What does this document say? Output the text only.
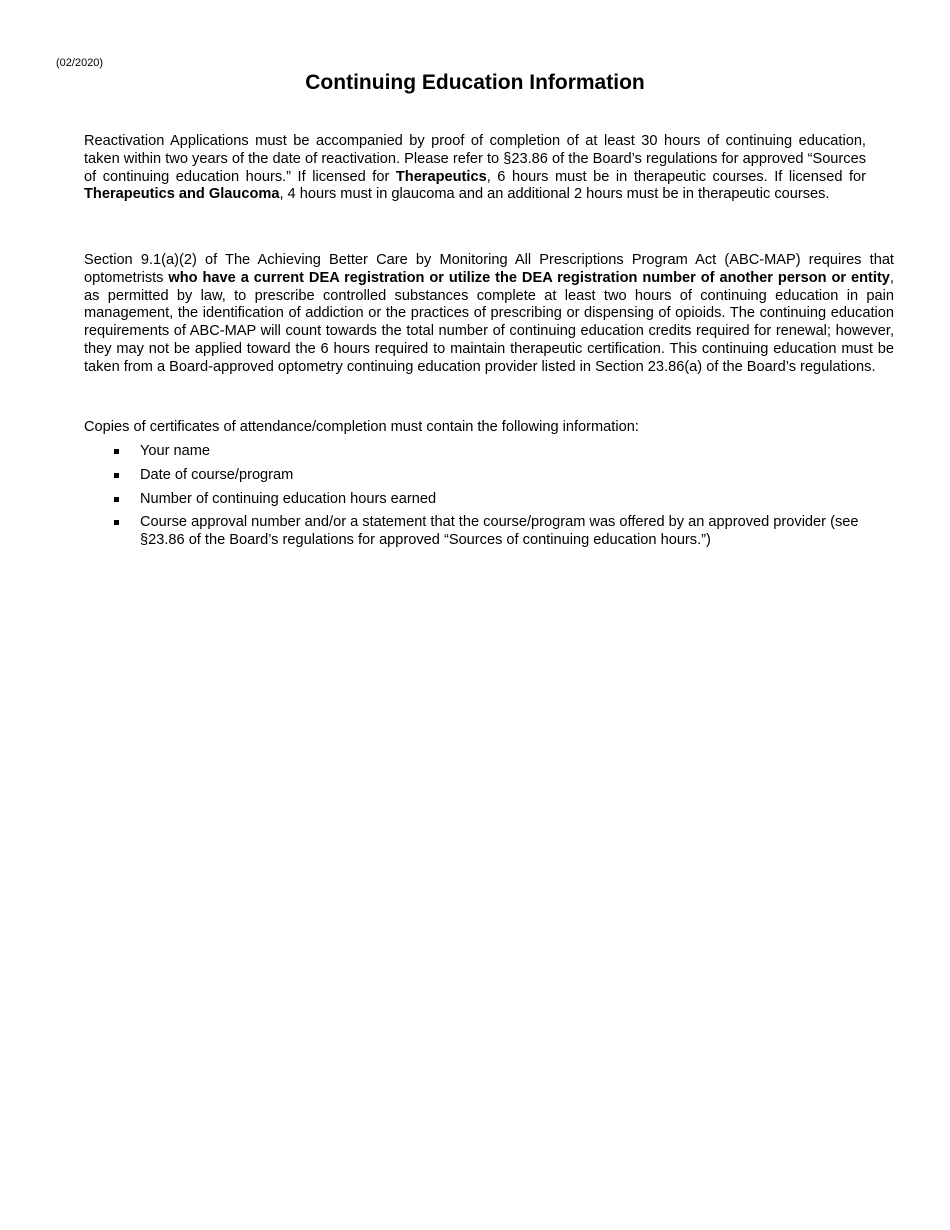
(02/2020)
Continuing Education Information

Reactivation Applications must be accompanied by proof of completion of at least 30 hours of continuing education, taken within two years of the date of reactivation. Please refer to §23.86 of the Board’s regulations for approved “Sources of continuing education hours.” If licensed for Therapeutics, 6 hours must be in therapeutic courses. If licensed for Therapeutics and Glaucoma, 4 hours must in glaucoma and an additional 2 hours must be in therapeutic courses.

Section 9.1(a)(2) of The Achieving Better Care by Monitoring All Prescriptions Program Act (ABC-MAP) requires that optometrists who have a current DEA registration or utilize the DEA registration number of another person or entity, as permitted by law, to prescribe controlled substances complete at least two hours of continuing education in pain management, the identification of addiction or the practices of prescribing or dispensing of opioids. The continuing education requirements of ABC-MAP will count towards the total number of continuing education credits required for renewal; however, they may not be applied toward the 6 hours required to maintain therapeutic certification. This continuing education must be taken from a Board-approved optometry continuing education provider listed in Section 23.86(a) of the Board’s regulations.

Copies of certificates of attendance/completion must contain the following information:

Your name
Date of course/program
Number of continuing education hours earned
Course approval number and/or a statement that the course/program was offered by an approved provider (see §23.86 of the Board’s regulations for approved “Sources of continuing education hours.”)
